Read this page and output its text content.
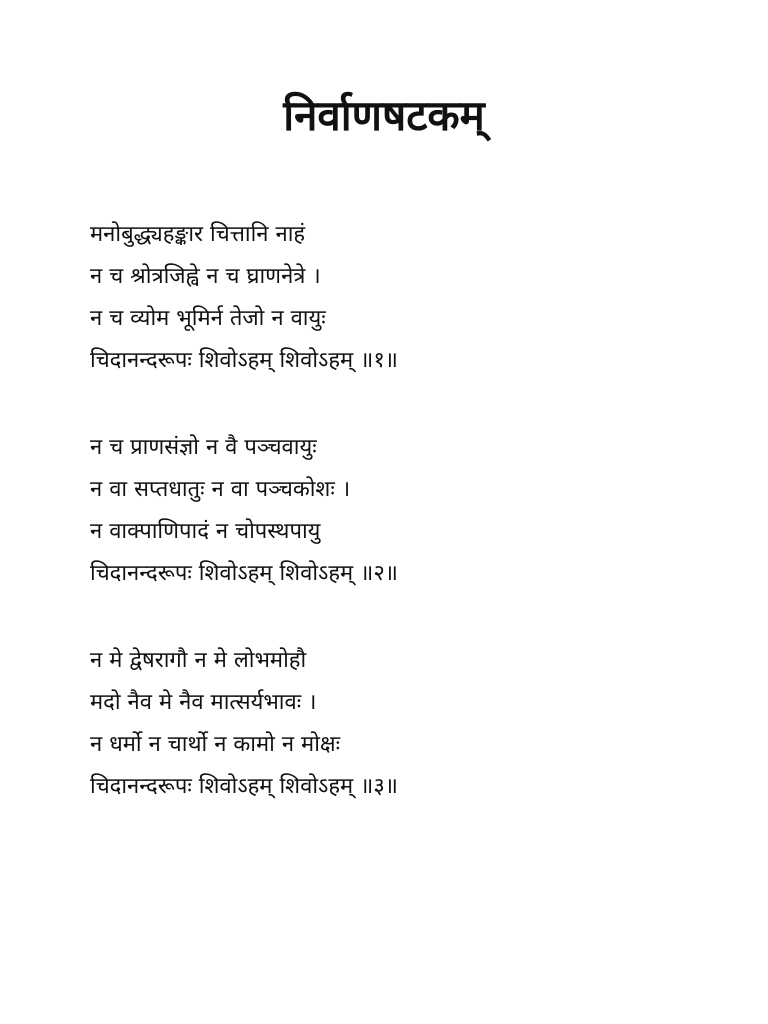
निर्वाणषटकम्
मनोबुद्ध्यहङ्कार चित्तानि नाहं
न च श्रोत्रजिह्वे न च घ्राणनेत्रे ।
न च व्योम भूमिर्न तेजो न वायुः
चिदानन्दरूपः शिवोऽहम् शिवोऽहम् ॥१॥
न च प्राणसंज्ञो न वै पञ्चवायुः
न वा सप्तधातुः न वा पञ्चकोशः ।
न वाक्पाणिपादं न चोपस्थपायु
चिदानन्दरूपः शिवोऽहम् शिवोऽहम् ॥२॥
न मे द्वेषरागौ न मे लोभमोहौ
मदो नैव मे नैव मात्सर्यभावः ।
न धर्मो न चार्थो न कामो न मोक्षः
चिदानन्दरूपः शिवोऽहम् शिवोऽहम् ॥३॥
